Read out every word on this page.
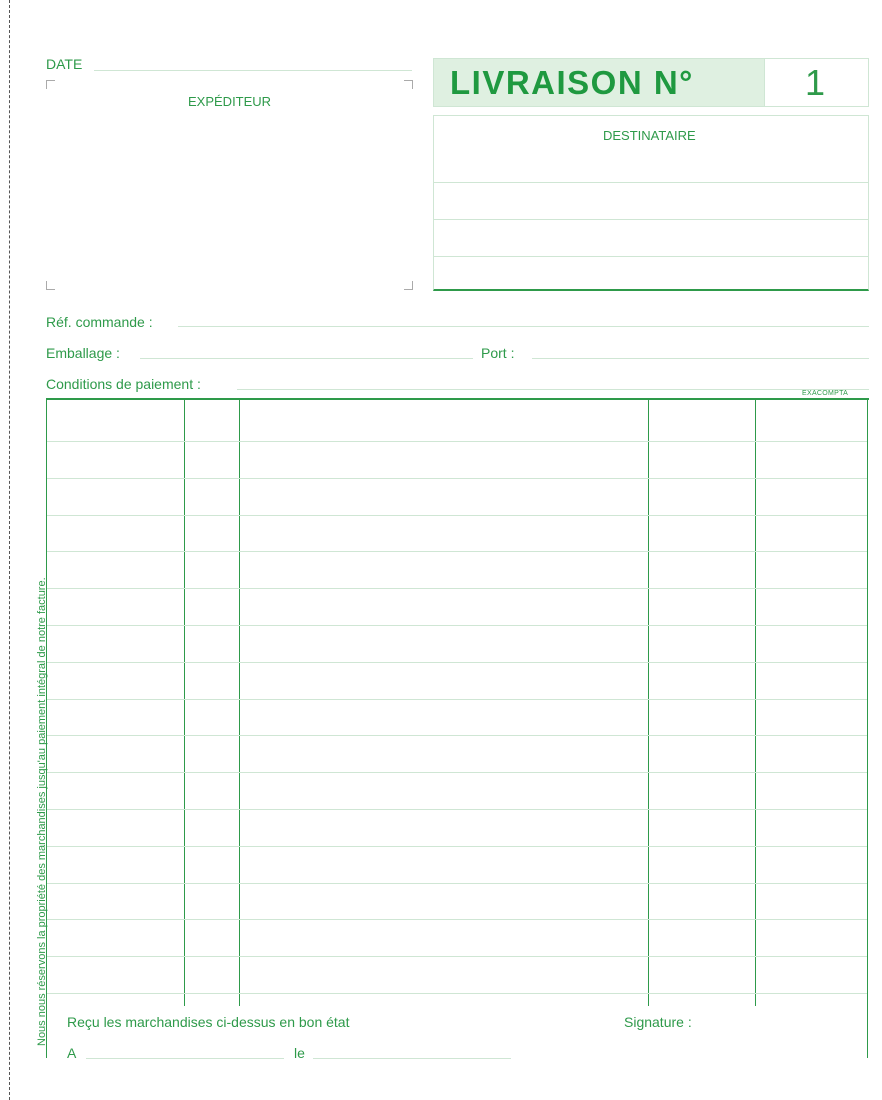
DATE
EXPÉDITEUR
LIVRAISON N°	1
DESTINATAIRE
Réf. commande :
Emballage :	Port :
Conditions de paiement :
EXACOMPTA
Nous nous réservons la propriété des marchandises jusqu'au paiement intégral de notre facture. Reçu les marchandises ci-dessus en bon état	Signature :
A	le
